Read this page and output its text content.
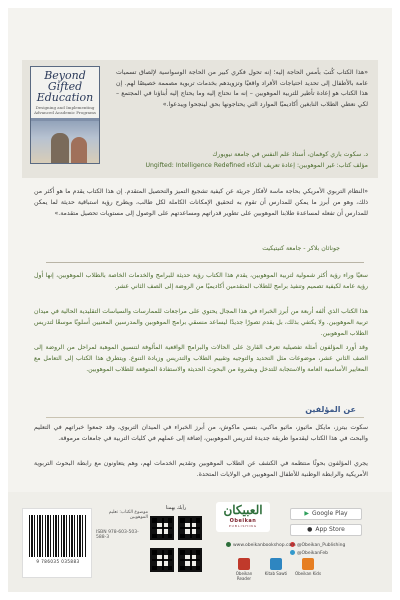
Beyond Gifted Education
Designing and Implementing Advanced Academic Programs
«هذا الكتاب كُتبَ بأمس الحاجة إليه؛ إنه تحول فكري كبير من الحاجة الوسواسية لإلصاق تسميات عامة بالأطفال إلى تحديد احتياجات الأفراد واقعيًا وتزويدهم بخدمات تربوية مصممة خصيصًا لهم. إن هذا الكتاب هو إعادة تأطير للتربية الموهوبين – إنه ما نحتاج إليه وما يحتاج إليه أبناؤنا في المجتمع – لكي نعطي الطلاب النابغين أكاديميًا الموارد التي يحتاجونها بحق لينجحوا ويبدعوا.»
د. سكوت باري كوفمان، أستاذ علم النفس في جامعة نيويورك
مؤلف كتاب: غير الموهوبين: إعادة تعريف الذكاء Ungifted: Intelligence Redefined
«النظام التربوي الأمريكي بحاجة ماسة لأفكار جريئة عن كيفية تشجيع التميز والتحصيل المتقدم. إن هذا الكتاب يقدم ما هو أكثر من ذلك، وهو من أبرز ما يمكن للمدارس أن تقوم به لتحقيق الإمكانات الكاملة لكل طالب، ويطرح رؤية استباقية حديثة لما يمكن للمدارس أن تفعله لمساعدة طلابنا الموهوبين على تطوير قدراتهم ومساعدتهم على الوصول إلى مستويات تحصيل متقدمة.»
جوناثان بلاكر - جامعة كنيتيكيت
سعيًا وراء رؤية أكثر شمولية لتربية الموهوبين، يقدم هذا الكتاب رؤية حديثة للبرامج والخدمات الخاصة بالطلاب الموهوبين، إنها أول رؤية عامة لكيفية تصميم وتنفيذ برامج للطلاب المتقدمين أكاديميًا من الروضة إلى الصف الثاني عشر.
هذا الكتاب الذي ألفه أربعة من أبرز الخبراء في هذا المجال يحتوي على مراجعات للممارسات والسياسات التقليدية الحالية في ميدان تربية الموهوبين. ولا يكتفي بذلك، بل يقدم تصورًا جديدًا ليساعد منسقي برامج الموهوبين والمدرسين المعنيين أسلوبًا موسعًا لتدريس الطلاب الموهوبين.
وقد أورد المؤلفون أمثلة تفصيلية تعرف القارئ على الحالات والبرامج الواقعية المألوفة لتنسيق الموهبة لمراحل من الروضة إلى الصف الثاني عشر، موضوعات مثل التحديد والتوجيه وتقييم الطلاب والتدريس وزيادة التنوع. ويتطرق هذا الكتاب إلى التعامل مع المعايير الأساسية العامة والاستجابة للتدخل وبشروة من البحوث الحديثة والاستفادة المتوقعة للطلاب الموهوبين.
عن المؤلفين
سكوت بيترز، مايكل ماثيوز، ماثيو ماكبي، بتسي ماكوش، من أبرز الخبراء في الميدان التربوي، وقد جمعوا خبراتهم في التعليم والبحث في هذا الكتاب ليقدموا طريقة جديدة لتدريس الموهوبين، إضافة إلى عملهم في كليات التربية في جامعات مرموقة.
يجري المؤلفون بحوثًا منتظمة في الكشف عن الطلاب الموهوبين وتقديم الخدمات لهم، وهم يتعاونون مع رابطة البحوث التربوية الأمريكية والرابطة الوطنية للأطفال الموهوبين في الولايات المتحدة.
9 786035 035883
موضوع الكتاب: تعليم الموهوبين
ISBN 978-603-503-588-3
رأيك يهمنا	العبيكان
Obeikan
PUBLISHING
▶ Google Play
● App Store
@Obeikan_Publishing
@ObeikanFeb
www.obeikanbookshop.com
Obeikan Reader
Kitab Sawti	Obeikan Kids
